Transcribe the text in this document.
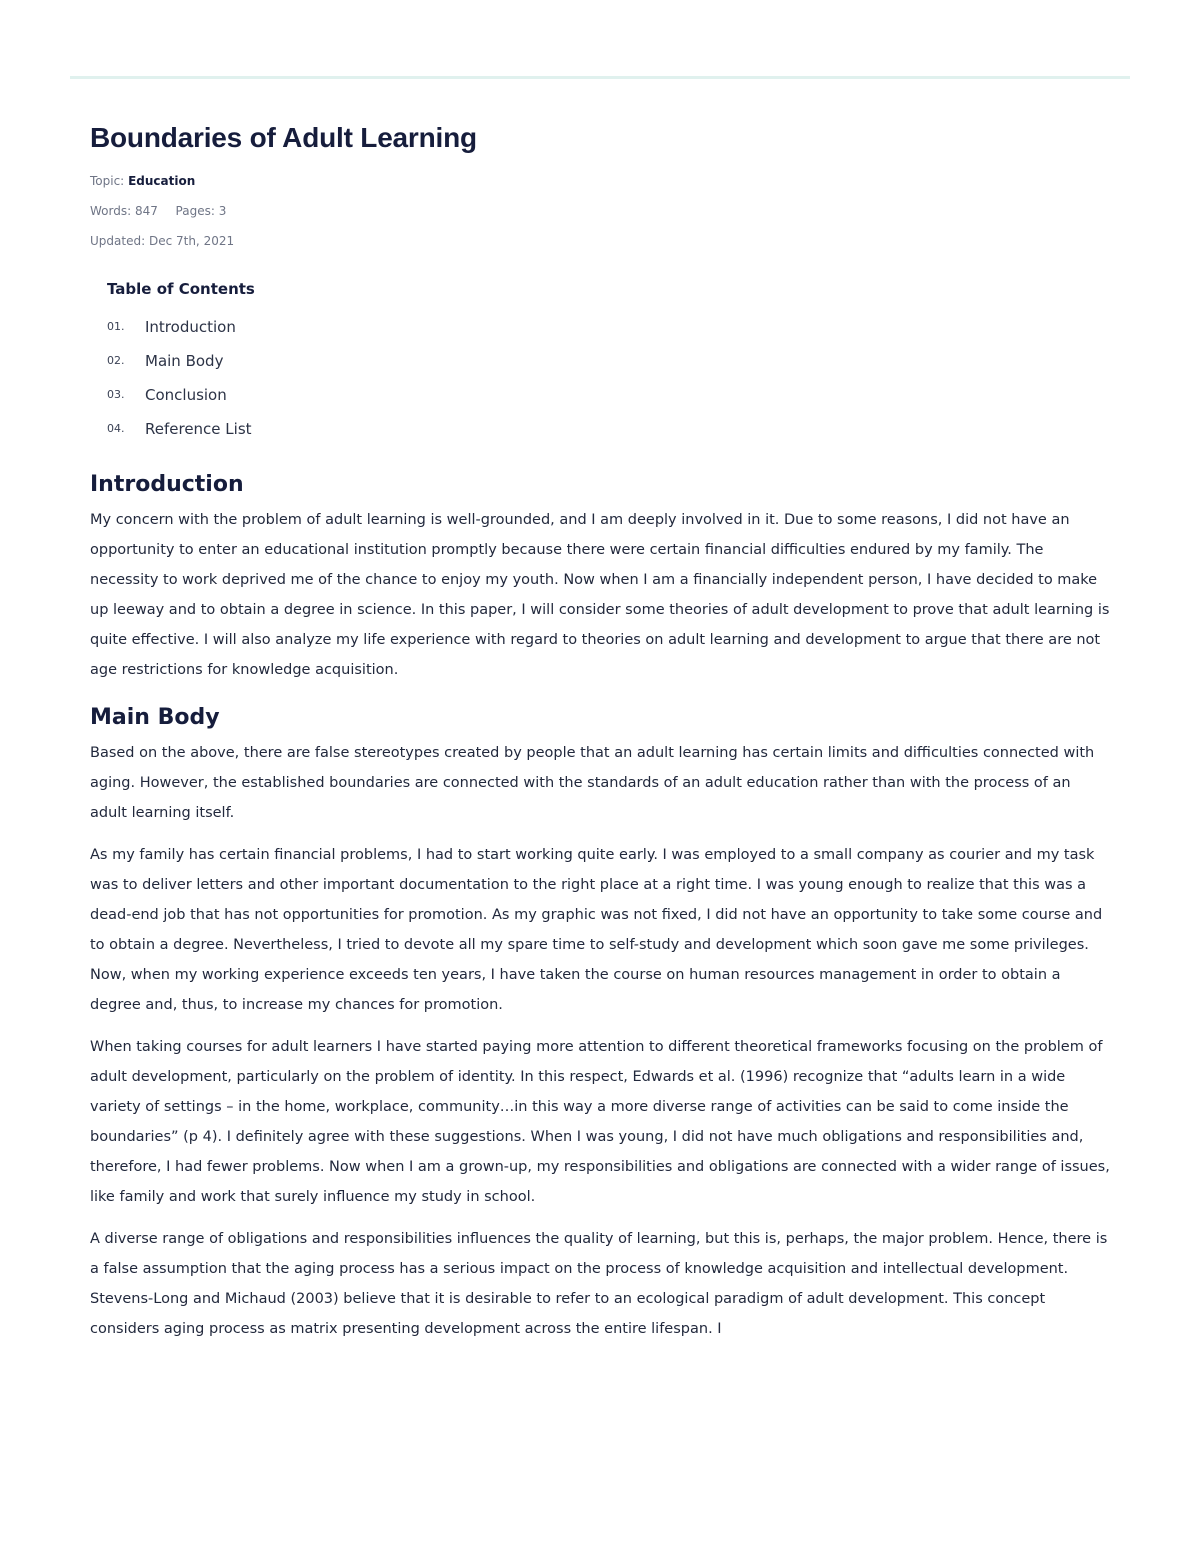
Boundaries of Adult Learning
Topic: Education
Words: 847 Pages: 3
Updated: Dec 7th, 2021
Table of Contents
01.	Introduction
02.	Main Body
03.	Conclusion
04.	Reference List
Introduction

My concern with the problem of adult learning is well-grounded, and I am deeply involved in it. Due to some reasons, I did not have an opportunity to enter an educational institution promptly because there were certain financial difficulties endured by my family. The necessity to work deprived me of the chance to enjoy my youth. Now when I am a financially independent person, I have decided to make up leeway and to obtain a degree in science. In this paper, I will consider some theories of adult development to prove that adult learning is quite effective. I will also analyze my life experience with regard to theories on adult learning and development to argue that there are not age restrictions for knowledge acquisition.

Main Body

Based on the above, there are false stereotypes created by people that an adult learning has certain limits and difficulties connected with aging. However, the established boundaries are connected with the standards of an adult education rather than with the process of an adult learning itself.

As my family has certain financial problems, I had to start working quite early. I was employed to a small company as courier and my task was to deliver letters and other important documentation to the right place at a right time. I was young enough to realize that this was a dead-end job that has not opportunities for promotion. As my graphic was not fixed, I did not have an opportunity to take some course and to obtain a degree. Nevertheless, I tried to devote all my spare time to self-study and development which soon gave me some privileges. Now, when my working experience exceeds ten years, I have taken the course on human resources management in order to obtain a degree and, thus, to increase my chances for promotion.

When taking courses for adult learners I have started paying more attention to different theoretical frameworks focusing on the problem of adult development, particularly on the problem of identity. In this respect, Edwards et al. (1996) recognize that “adults learn in a wide variety of settings – in the home, workplace, community…in this way a more diverse range of activities can be said to come inside the boundaries” (p 4). I definitely agree with these suggestions. When I was young, I did not have much obligations and responsibilities and, therefore, I had fewer problems. Now when I am a grown-up, my responsibilities and obligations are connected with a wider range of issues, like family and work that surely influence my study in school.

A diverse range of obligations and responsibilities influences the quality of learning, but this is, perhaps, the major problem. Hence, there is a false assumption that the aging process has a serious impact on the process of knowledge acquisition and intellectual development. Stevens-Long and Michaud (2003) believe that it is desirable to refer to an ecological paradigm of adult development. This concept considers aging process as matrix presenting development across the entire lifespan. I
